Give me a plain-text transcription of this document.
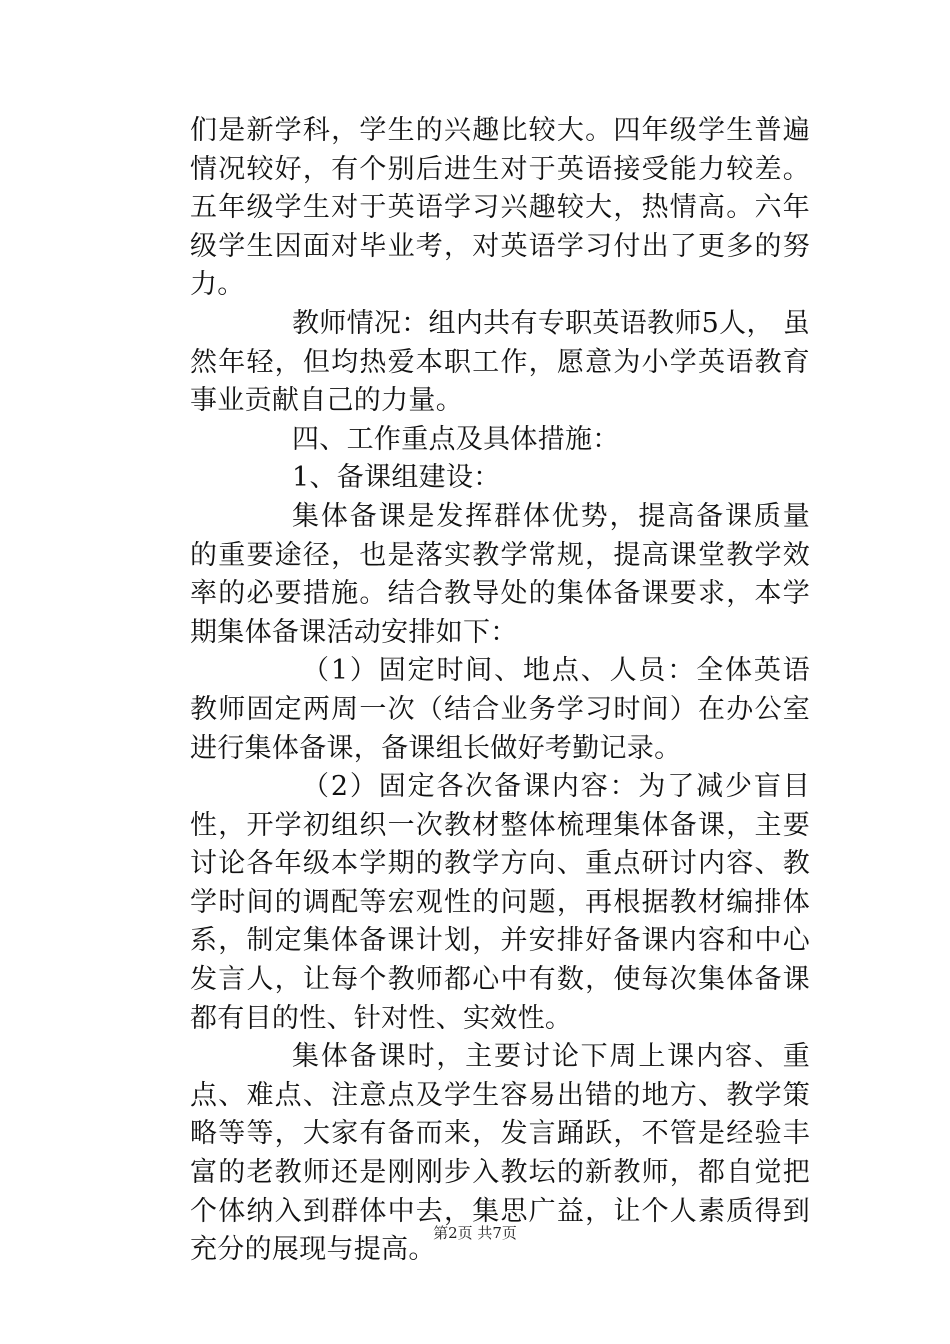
们是新学科，学生的兴趣比较大。四年级学生普遍情况较好，有个别后进生对于英语接受能力较差。五年级学生对于英语学习兴趣较大，热情高。六年级学生因面对毕业考，对英语学习付出了更多的努力。

教师情况：组内共有专职英语教师5人， 虽然年轻，但均热爱本职工作，愿意为小学英语教育事业贡献自己的力量。

四、工作重点及具体措施：

1、备课组建设：

集体备课是发挥群体优势，提高备课质量的重要途径，也是落实教学常规，提高课堂教学效率的必要措施。结合教导处的集体备课要求，本学期集体备课活动安排如下：

（1）固定时间、地点、人员：全体英语教师固定两周一次（结合业务学习时间）在办公室进行集体备课，备课组长做好考勤记录。

（2）固定各次备课内容：为了减少盲目性，开学初组织一次教材整体梳理集体备课，主要讨论各年级本学期的教学方向、重点研讨内容、教学时间的调配等宏观性的问题，再根据教材编排体系，制定集体备课计划，并安排好备课内容和中心发言人，让每个教师都心中有数，使每次集体备课都有目的性、针对性、实效性。

集体备课时，主要讨论下周上课内容、重点、难点、注意点及学生容易出错的地方、教学策略等等，大家有备而来，发言踊跃，不管是经验丰富的老教师还是刚刚步入教坛的新教师，都自觉把个体纳入到群体中去，集思广益，让个人素质得到充分的展现与提高。

第2页 共7页
